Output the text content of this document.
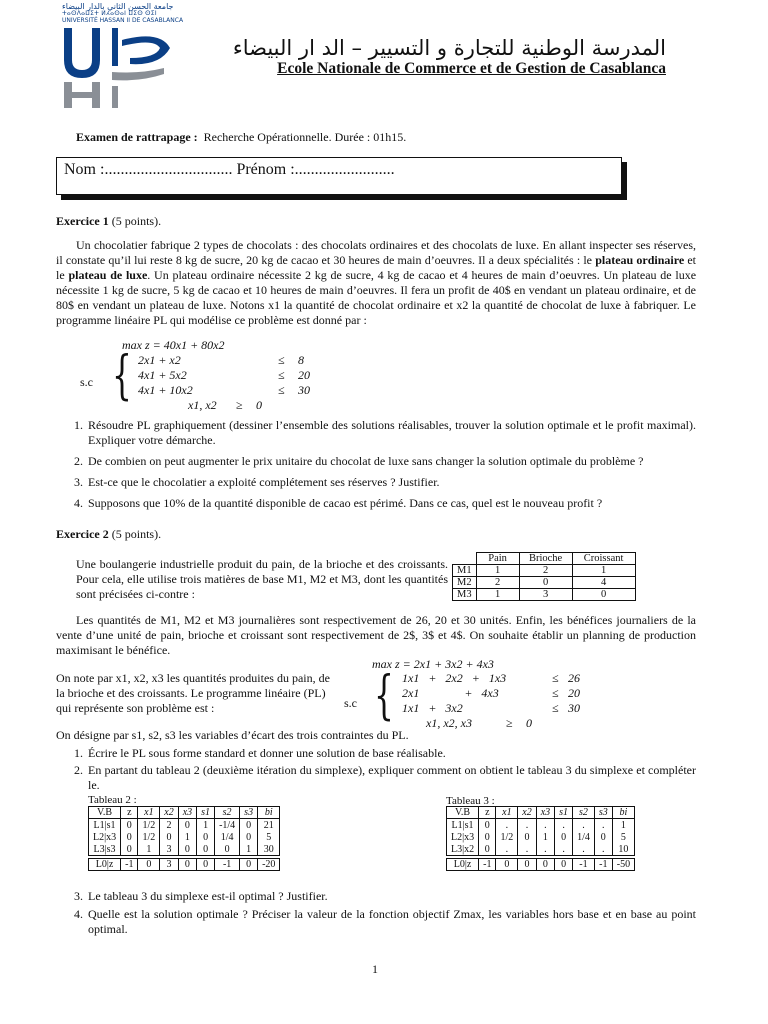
جامعة الحسن الثاني بالدار البيضاء
ⵜⴰⵙⴷⴰⵡⵉⵜ ⵍⵃⴰⵙⴰⵏ ⵡⵉⵙ ⵙⵉⵏ
UNIVERSITÉ HASSAN II DE CASABLANCA
المدرسة الوطنية للتجارة و التسيير – الد ار البيضاء
Ecole Nationale de Commerce et de Gestion de Casablanca
Examen de rattrapage : Recherche Opérationnelle. Durée : 01h15.
Nom :................................ Prénom :.........................
Exercice 1 (5 points).

Un chocolatier fabrique 2 types de chocolats : des chocolats ordinaires et des chocolats de luxe. En allant inspecter ses réserves, il constate qu’il lui reste 8 kg de sucre, 20 kg de cacao et 30 heures de main d’oeuvres. Il a deux spécialités : le plateau ordinaire et le plateau de luxe. Un plateau ordinaire nécessite 2 kg de sucre, 4 kg de cacao et 4 heures de main d’oeuvres. Un plateau de luxe nécessite 1 kg de sucre, 5 kg de cacao et 10 heures de main d’oeuvres. Il fera un profit de 40$ en vendant un plateau ordinaire, et de 80$ en vendant un plateau de luxe. Notons x1 la quantité de chocolat ordinaire et x2 la quantité de chocolat de luxe à fabriquer. Le programme linéaire PL qui modélise ce problème est donné par :

max z = 40x1 + 80x2
s.c { 2x1 + x2	≤ 8
4x1 + 5x2	≤ 20
4x1 + 10x2	≤ 30
x1, x2 ≥ 0
1. Résoudre PL graphiquement (dessiner l’ensemble des solutions réalisables, trouver la solution optimale et le profit maximal). Expliquer votre démarche.
2. De combien on peut augmenter le prix unitaire du chocolat de luxe sans changer la solution optimale du problème ?
3. Est-ce que le chocolatier a exploité complétement ses réserves ? Justifier.
4. Supposons que 10% de la quantité disponible de cacao est périmé. Dans ce cas, quel est le nouveau profit ?
Exercice 2 (5 points).

Une boulangerie industrielle produit du pain, de la brioche et des croissants. Pour cela, elle utilise trois matières de base M1, M2 et M3, dont les quantités sont précisées ci-contre :

	Pain	Brioche	Croissant
M1	1	2	1
M2	2	0	4
M3	1	3	0

Les quantités de M1, M2 et M3 journalières sont respectivement de 26, 20 et 30 unités. Enfin, les bénéfices journaliers de la vente d’une unité de pain, brioche et croissant sont respectivement de 2$, 3$ et 4$. On souhaite établir un planning de production maximisant le bénéfice.

max z = 2x1 + 3x2 + 4x3

On note par x1, x2, x3 les quantités produites du pain, de la brioche et des croissants. Le programme linéaire (PL) qui représente son problème est :	s.c { 1x1   +   2x2   +   1x3	≤ 26
2x1               +   4x3	≤ 20
1x1   +   3x2	≤ 30
x1, x2, x3	≥ 0

On désigne par s1, s2, s3 les variables d’écart des trois contraintes du PL.

1. Écrire le PL sous forme standard et donner une solution de base réalisable.
2. En partant du tableau 2 (deuxième itération du simplexe), expliquer comment on obtient le tableau 3 du simplexe et compléter le.
Tableau 2 :
V.B	z	x1	x2	x3	s1	s2	s3	bi
L1|s1	0	1/2	2	0	1	-1/4	0	21
L2|x3	0	1/2	0	1	0	1/4	0	5
L3|s3	0	1	3	0	0	0	1	30

L0|z	-1	0	3	0	0	-1	0	-20
Tableau 3 :
V.B	z	x1	x2	x3	s1	s2	s3	bi
L1|s1	0	.	.	.	.	.	.	1
L2|x3	0	1/2	0	1	0	1/4	0	5
L3|x2	0	.	.	.	.	.	.	10

L0|z	-1	0	0	0	0	-1	-1	-50
3. Le tableau 3 du simplexe est-il optimal ? Justifier.
4. Quelle est la solution optimale ? Préciser la valeur de la fonction objectif Zmax, les variables hors base et en base au point optimal.
1
